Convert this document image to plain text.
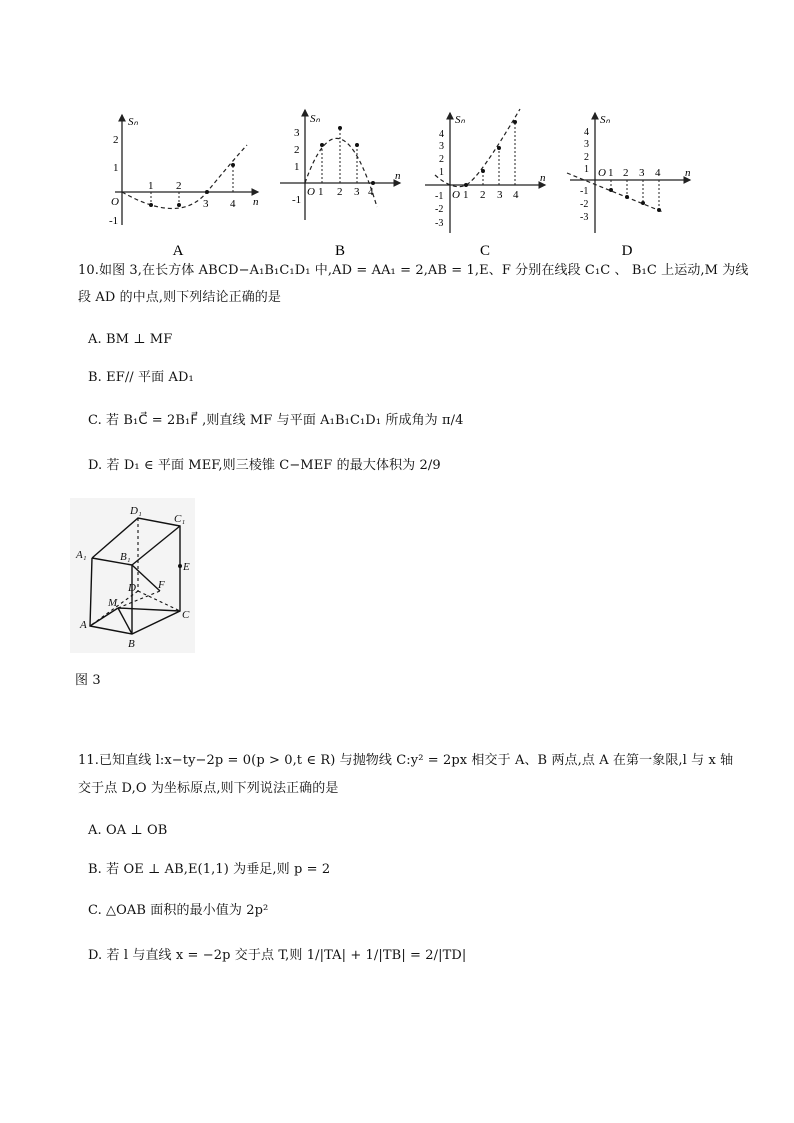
Sₙ
n
2
1
O
-1
1 2
3 4
A
Sₙ
n
3
2
1
-1
O 1 2 3 4
B
Sₙ
n
4
3
2
1
-1
-2
-3
O 1 2 3 4
C
Sₙ
n
4
3
2
1
-1
-2
-3
O 1 2 3 4
D
10.如图 3,在长方体 ABCD−A₁B₁C₁D₁ 中,AD = AA₁ = 2,AB = 1,E、F 分别在线段 C₁C 、 B₁C 上运动,M 为线
段 AD 的中点,则下列结论正确的是
A. BM ⊥ MF
B. EF// 平面 AD₁
C. 若 B₁C⃗ = 2B₁F⃗ ,则直线 MF 与平面 A₁B₁C₁D₁ 所成角为 π/4
D. 若 D₁ ∈ 平面 MEF,则三棱锥 C−MEF 的最大体积为 2/9
D₁
C₁
A₁	B₁
E
D F
M
C
A
B
图 3
11.已知直线 l:x−ty−2p = 0(p > 0,t ∈ R) 与抛物线 C:y² = 2px 相交于 A、B 两点,点 A 在第一象限,l 与 x 轴
交于点 D,O 为坐标原点,则下列说法正确的是
A. OA ⊥ OB
B. 若 OE ⊥ AB,E(1,1) 为垂足,则 p = 2
C. △OAB 面积的最小值为 2p²
D. 若 l 与直线 x = −2p 交于点 T,则 1/|TA| + 1/|TB| = 2/|TD|
